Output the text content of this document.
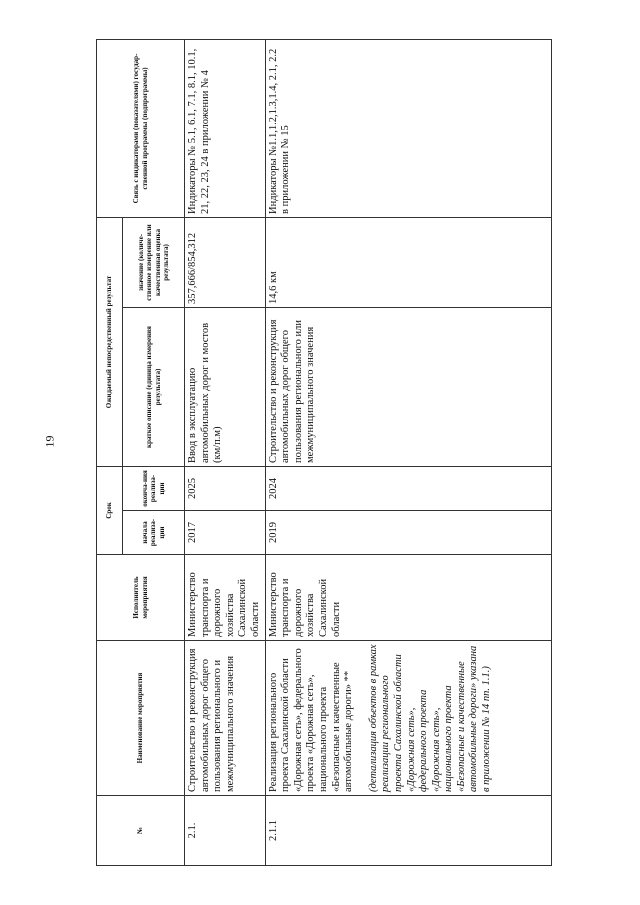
19
№	Наименование мероприятия	Исполнитель мероприятия	Срок		Ожидаемый непосредственный результат		Связь с индикаторами (показателями) государ-ственной программы (подпрограммы)
			начала реализа-ции	оконча-ния реализа-ции	краткое описание (единица измерения результата)	значение (количе-ственное измерение или качественная оценка результата)	
2.1.	Строительство и реконструкция автомобильных дорог общего пользования регионального и межмуниципального значения	Министерство транспорта и дорожного хозяйства Сахалинской области	2017	2025	Ввод в эксплуатацию автомобильных дорог и мостов (км/п.м)	357,666/854,312	Индикаторы № 5.1, 6.1, 7.1, 8.1, 10.1, 21, 22, 23, 24 в приложении № 4
2.1.1	Реализация регионального проекта Сахалинской области «Дорожная сеть», федерального проекта «Дорожная сеть», национального проекта «Безопасные и качественные автомобильные дороги» ** (детализация объектов в рамках реализации регионального проекта Сахалинской области «Дорожная сеть», федерального проекта «Дорожная сеть», национального проекта «Безопасные и качественные автомобильные дороги» указана в приложении № 14 пп. 1.1.)	Министерство транспорта и дорожного хозяйства Сахалинской области	2019	2024	Строительство и реконструкция автомобильных дорог общего пользования регионального или межмуниципального значения	14,6 км	Индикаторы №1.1,1.2,1.3,1.4, 2.1, 2.2 в приложении № 15
